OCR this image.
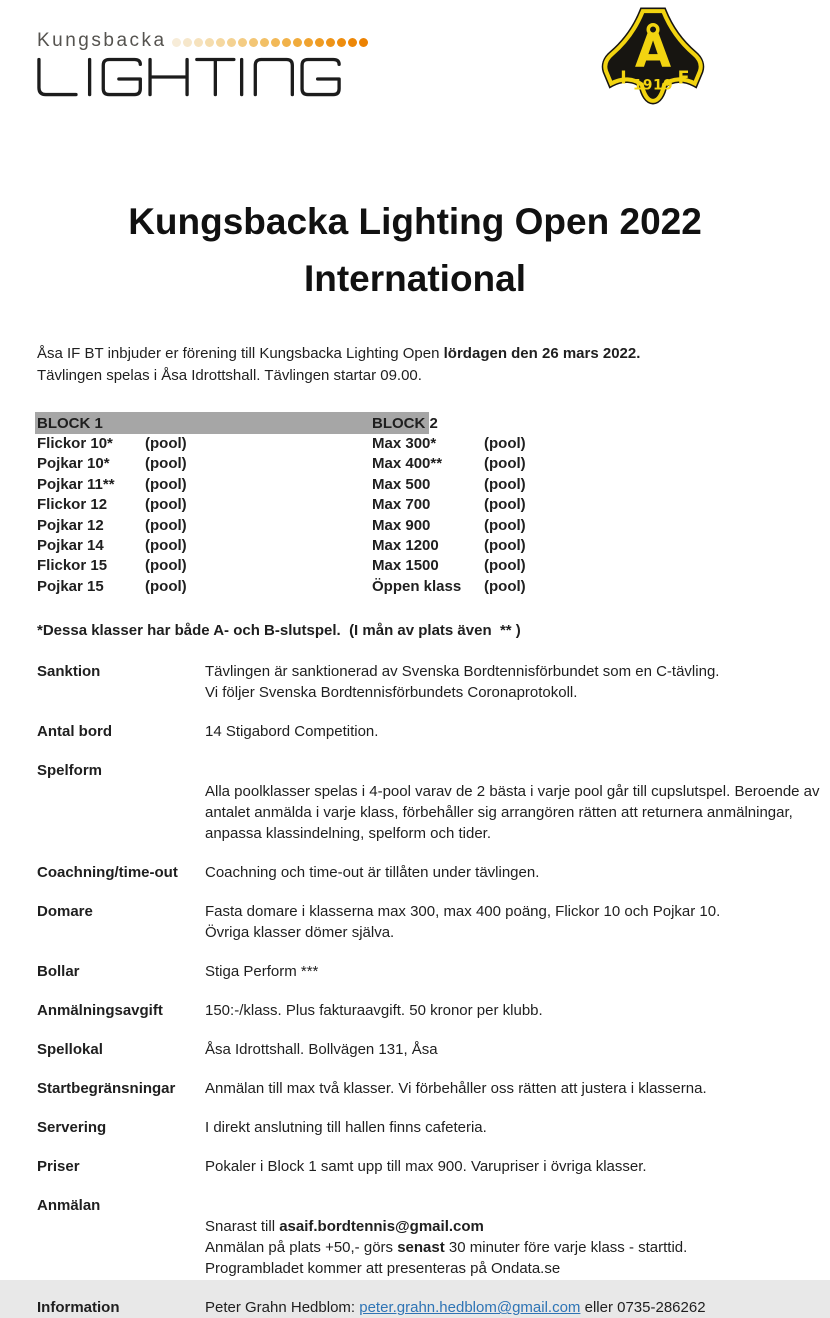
Kungsbacka	Å
I	F
1919
Kungsbacka Lighting Open 2022
International

Åsa IF BT inbjuder er förening till Kungsbacka Lighting Open lördagen den 26 mars 2022.
Tävlingen spelas i Åsa Idrottshall. Tävlingen startar 09.00.

BLOCK 1	BLOCK 2
Flickor 10*	(pool)	Max 300*	(pool)
Pojkar 10*	(pool)	Max 400**	(pool)
Pojkar 11**	(pool)	Max 500	(pool)
Flickor 12	(pool)	Max 700	(pool)
Pojkar 12	(pool)	Max 900	(pool)
Pojkar 14	(pool)	Max 1200	(pool)
Flickor 15	(pool)	Max 1500	(pool)
Pojkar 15	(pool)	Öppen klass	(pool)

*Dessa klasser har både A- och B-slutspel.  (I mån av plats även  ** )

Sanktion	Tävlingen är sanktionerad av Svenska Bordtennisförbundet som en C-tävling.
Vi följer Svenska Bordtennisförbundets Coronaprotokoll.
Antal bord	14 Stigabord Competition.
Spelform
Alla poolklasser spelas i 4-pool varav de 2 bästa i varje pool går till cupslutspel. Beroende av antalet anmälda i varje klass, förbehåller sig arrangören rätten att returnera anmälningar, anpassa klassindelning, spelform och tider.
Coachning/time-out	Coachning och time-out är tillåten under tävlingen.
Domare	Fasta domare i klasserna max 300, max 400 poäng, Flickor 10 och Pojkar 10.
Övriga klasser dömer själva.
Bollar	Stiga Perform ***
Anmälningsavgift	150:-/klass. Plus fakturaavgift. 50 kronor per klubb.
Spellokal	Åsa Idrottshall. Bollvägen 131, Åsa
Startbegränsningar	Anmälan till max två klasser. Vi förbehåller oss rätten att justera i klasserna.
Servering	I direkt anslutning till hallen finns cafeteria.
Priser	Pokaler i Block 1 samt upp till max 900. Varupriser i övriga klasser.
Anmälan
Snarast till asaif.bordtennis@gmail.com
Anmälan på plats +50,- görs senast 30 minuter före varje klass - starttid.
Programbladet kommer att presenteras på Ondata.se
Information	Peter Grahn Hedblom: peter.grahn.hedblom@gmail.com eller 0735-286262
